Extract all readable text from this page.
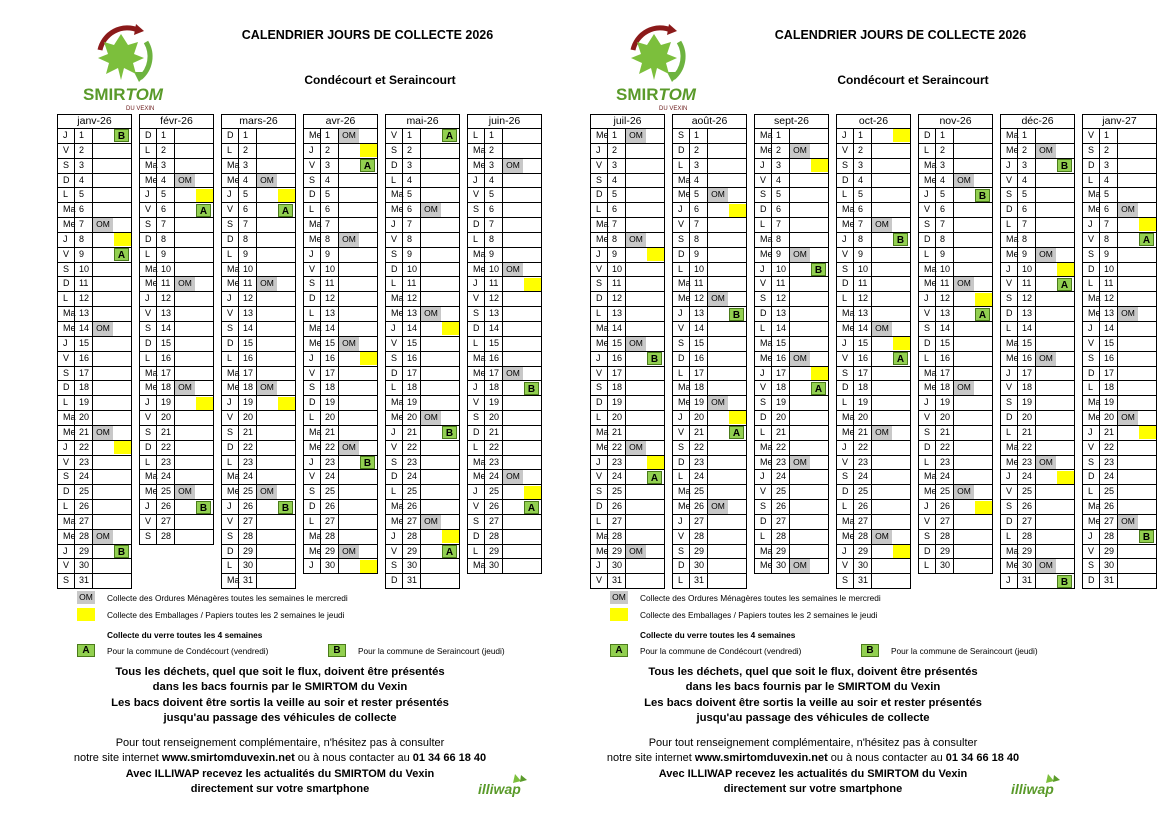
SMIRTOM
DU VEXIN
CALENDRIER JOURS DE COLLECTE 2026
Condécourt et Seraincourt
janv-26
J	1	B
V	2
S	3
D	4
L	5
Ma 6
Me 7	OM
J	8
V	9	A
S	10
D	11
L	12
Ma 13
Me 14 OM
J	15
V	16
S	17
D	18
L	19
Ma 20
Me 21 OM
J	22
V	23
S	24
D	25
L	26
Ma 27
Me 28 OM
J	29	B
V	30
S	31
févr-26
D	1
L	2
Ma 3
Me 4	OM
J	5
V	6	A
S	7
D	8
L	9
Ma 10
Me 11 OM
J	12
V	13
S	14
D	15
L	16
Ma 17
Me 18 OM
J	19
V	20
S	21
D	22
L	23
Ma 24
Me 25 OM
J	26	B
V	27
S	28
mars-26
D	1
L	2
Ma 3
Me 4	OM
J	5
V	6	A
S	7
D	8
L	9
Ma 10
Me 11 OM
J	12
V	13
S	14
D	15
L	16
Ma 17
Me 18 OM
J	19
V	20
S	21
D	22
L	23
Ma 24
Me 25 OM
J	26	B
V	27
S	28
D	29
L	30
Ma 31
avr-26
Me 1	OM
J	2
V	3	A
S	4
D	5
L	6
Ma 7
Me 8	OM
J	9
V	10
S	11
D	12
L	13
Ma 14
Me 15 OM
J	16
V	17
S	18
D	19
L	20
Ma 21
Me 22 OM
J	23	B
V	24
S	25
D	26
L	27
Ma 28
Me 29 OM
J	30
mai-26
V	1	A
S	2
D	3
L	4
Ma 5
Me 6	OM
J	7
V	8
S	9
D	10
L	11
Ma 12
Me 13 OM
J	14
V	15
S	16
D	17
L	18
Ma 19
Me 20 OM
J	21	B
V	22
S	23
D	24
L	25
Ma 26
Me 27 OM
J	28
V	29	A
S	30
D	31
juin-26
L	1
Ma 2
Me 3	OM
J	4
V	5
S	6
D	7
L	8
Ma 9
Me 10 OM
J	11
V	12
S	13
D	14
L	15
Ma 16
Me 17 OM
J	18	B
V	19
S	20
D	21
L	22
Ma 23
Me 24 OM
J	25
V	26	A
S	27
D	28
L	29
Ma 30
OM Collecte des Ordures Ménagères toutes les semaines le mercredi
Collecte des Emballages / Papiers toutes les 2 semaines le jeudi
Collecte du verre toutes les 4 semaines
A	Pour la commune de Condécourt (vendredi)	B	Pour la commune de Seraincourt (jeudi)
Tous les déchets, quel que soit le flux, doivent être présentés
dans les bacs fournis par le SMIRTOM du Vexin
Les bacs doivent être sortis la veille au soir et rester présentés
jusqu'au passage des véhicules de collecte
Pour tout renseignement complémentaire, n'hésitez pas à consulter
notre site internet www.smirtomduvexin.net ou à nous contacter au 01 34 66 18 40
Avec ILLIWAP recevez les actualités du SMIRTOM du Vexin
directement sur votre smartphone	illiwap
SMIRTOM
DU VEXIN
CALENDRIER JOURS DE COLLECTE 2026
Condécourt et Seraincourt
juil-26
Me 1	OM
J	2
V	3
S	4
D	5
L	6
Ma 7
Me 8	OM
J	9
V	10
S	11
D	12
L	13
Ma 14
Me 15 OM
J	16	B
V	17
S	18
D	19
L	20
Ma 21
Me 22 OM
J	23
V	24	A
S	25
D	26
L	27
Ma 28
Me 29 OM
J	30
V	31
août-26
S	1
D	2
L	3
Ma 4
Me 5	OM
J	6
V	7
S	8
D	9
L	10
Ma 11
Me 12 OM
J	13	B
V	14
S	15
D	16
L	17
Ma 18
Me 19 OM
J	20
V	21	A
S	22
D	23
L	24
Ma 25
Me 26 OM
J	27
V	28
S	29
D	30
L	31
sept-26
Ma 1
Me 2	OM
J	3
V	4
S	5
D	6
L	7
Ma 8
Me 9	OM
J	10	B
V	11
S	12
D	13
L	14
Ma 15
Me 16 OM
J	17
V	18	A
S	19
D	20
L	21
Ma 22
Me 23 OM
J	24
V	25
S	26
D	27
L	28
Ma 29
Me 30 OM
oct-26
J	1
V	2
S	3
D	4
L	5
Ma 6
Me 7	OM
J	8	B
V	9
S	10
D	11
L	12
Ma 13
Me 14 OM
J	15
V	16	A
S	17
D	18
L	19
Ma 20
Me 21 OM
J	22
V	23
S	24
D	25
L	26
Ma 27
Me 28 OM
J	29
V	30
S	31
nov-26
D	1
L	2
Ma 3
Me 4	OM
J	5	B
V	6
S	7
D	8
L	9
Ma 10
Me 11 OM
J	12
V	13	A
S	14
D	15
L	16
Ma 17
Me 18 OM
J	19
V	20
S	21
D	22
L	23
Ma 24
Me 25 OM
J	26
V	27
S	28
D	29
L	30
déc-26
Ma 1
Me 2	OM
J	3	B
V	4
S	5
D	6
L	7
Ma 8
Me 9	OM
J	10
V	11	A
S	12
D	13
L	14
Ma 15
Me 16 OM
J	17
V	18
S	19
D	20
L	21
Ma 22
Me 23 OM
J	24
V	25
S	26
D	27
L	28
Ma 29
Me 30 OM
J	31	B
janv-27
V	1
S	2
D	3
L	4
Ma 5
Me 6	OM
J	7
V	8	A
S	9
D	10
L	11
Ma 12
Me 13 OM
J	14
V	15
S	16
D	17
L	18
Ma 19
Me 20 OM
J	21
V	22
S	23
D	24
L	25
Ma 26
Me 27 OM
J	28	B
V	29
S	30
D	31
OM Collecte des Ordures Ménagères toutes les semaines le mercredi
Collecte des Emballages / Papiers toutes les 2 semaines le jeudi
Collecte du verre toutes les 4 semaines
A	Pour la commune de Condécourt (vendredi)	B	Pour la commune de Seraincourt (jeudi)
Tous les déchets, quel que soit le flux, doivent être présentés
dans les bacs fournis par le SMIRTOM du Vexin
Les bacs doivent être sortis la veille au soir et rester présentés
jusqu'au passage des véhicules de collecte
Pour tout renseignement complémentaire, n'hésitez pas à consulter
notre site internet www.smirtomduvexin.net ou à nous contacter au 01 34 66 18 40
Avec ILLIWAP recevez les actualités du SMIRTOM du Vexin
directement sur votre smartphone	illiwap
